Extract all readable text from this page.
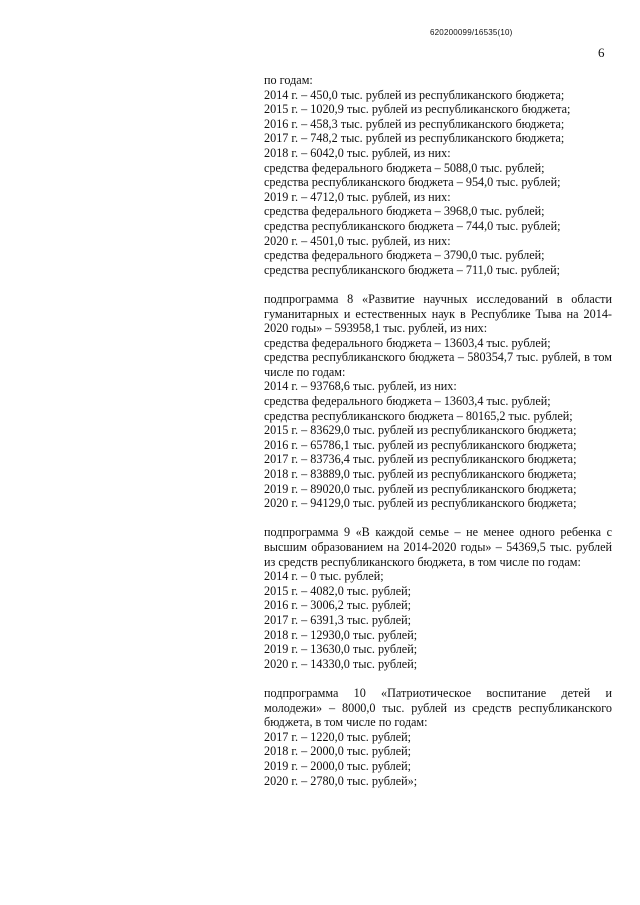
620200099/16535(10)
6
по годам:
2014 г. – 450,0 тыс. рублей из республиканского бюджета;
2015 г. – 1020,9 тыс. рублей из республиканского бюджета;
2016 г. – 458,3 тыс. рублей из республиканского бюджета;
2017 г. – 748,2 тыс. рублей из республиканского бюджета;
2018 г. – 6042,0 тыс. рублей, из них:
средства федерального бюджета – 5088,0 тыс. рублей;
средства республиканского бюджета – 954,0 тыс. рублей;
2019 г. – 4712,0 тыс. рублей, из них:
средства федерального бюджета – 3968,0 тыс. рублей;
средства республиканского бюджета – 744,0 тыс. рублей;
2020 г. – 4501,0 тыс. рублей, из них:
средства федерального бюджета – 3790,0 тыс. рублей;
средства республиканского бюджета – 711,0 тыс. рублей;
подпрограмма 8 «Развитие научных исследований в области гуманитарных и естественных наук в Республике Тыва на 2014-2020 годы» – 593958,1 тыс. рублей, из них:
средства федерального бюджета – 13603,4 тыс. рублей;
средства республиканского бюджета – 580354,7 тыс. рублей, в том числе по годам:
2014 г. – 93768,6 тыс. рублей, из них:
средства федерального бюджета – 13603,4 тыс. рублей;
средства республиканского бюджета – 80165,2 тыс. рублей;
2015 г. – 83629,0 тыс. рублей из республиканского бюджета;
2016 г. – 65786,1 тыс. рублей из республиканского бюджета;
2017 г. – 83736,4 тыс. рублей из республиканского бюджета;
2018 г. – 83889,0 тыс. рублей из республиканского бюджета;
2019 г. – 89020,0 тыс. рублей из республиканского бюджета;
2020 г. – 94129,0 тыс. рублей из республиканского бюджета;
подпрограмма 9 «В каждой семье – не менее одного ребенка с высшим образованием на 2014-2020 годы» – 54369,5 тыс. рублей из средств республиканского бюджета, в том числе по годам:
2014 г. – 0 тыс. рублей;
2015 г. – 4082,0 тыс. рублей;
2016 г. – 3006,2 тыс. рублей;
2017 г. – 6391,3 тыс. рублей;
2018 г. – 12930,0 тыс. рублей;
2019 г. – 13630,0 тыс. рублей;
2020 г. – 14330,0 тыс. рублей;
подпрограмма 10 «Патриотическое воспитание детей и молодежи» – 8000,0 тыс. рублей из средств республиканского бюджета, в том числе по годам:
2017 г. – 1220,0 тыс. рублей;
2018 г. – 2000,0 тыс. рублей;
2019 г. – 2000,0 тыс. рублей;
2020 г. – 2780,0 тыс. рублей»;
